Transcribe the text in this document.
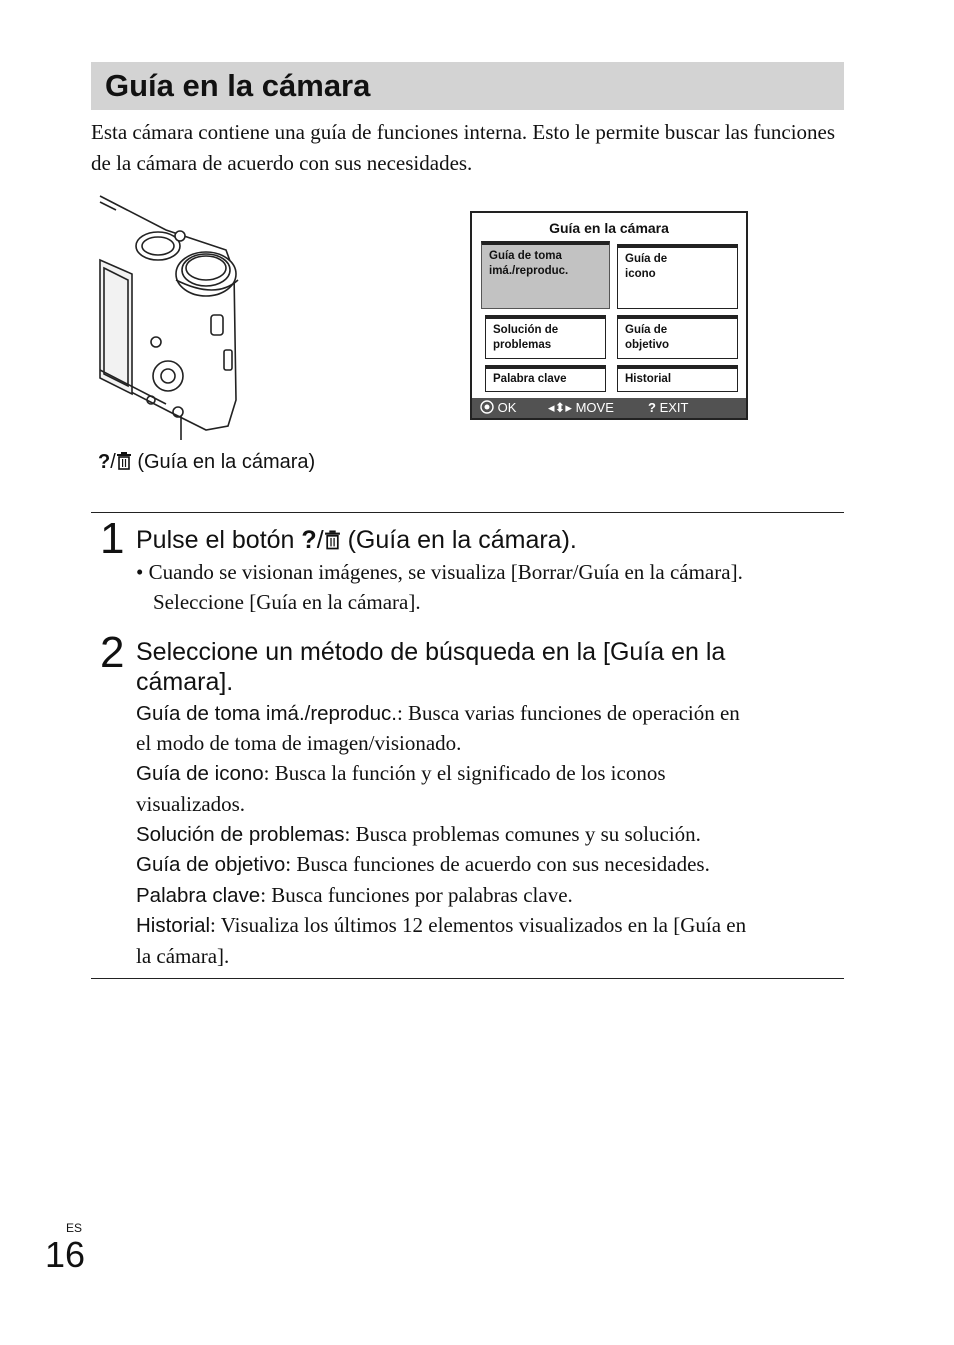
Guía en la cámara
Esta cámara contiene una guía de funciones interna. Esto le permite buscar las funciones de la cámara de acuerdo con sus necesidades.
?/ (Guía en la cámara)
Guía en la cámara
Guía de toma
imá./reproduc.
Guía de
icono
Solución de
problemas
Guía de
objetivo
Palabra clave	Historial
OK ◂⬍▸ MOVE	? EXIT
1 Pulse el botón ?/ (Guía en la cámara).
• Cuando se visionan imágenes, se visualiza [Borrar/Guía en la cámara].
Seleccione [Guía en la cámara].
2 Seleccione un método de búsqueda en la [Guía en la
cámara].
Guía de toma imá./reproduc.: Busca varias funciones de operación en
el modo de toma de imagen/visionado.
Guía de icono: Busca la función y el significado de los iconos
visualizados.
Solución de problemas: Busca problemas comunes y su solución.
Guía de objetivo: Busca funciones de acuerdo con sus necesidades.
Palabra clave: Busca funciones por palabras clave.
Historial: Visualiza los últimos 12 elementos visualizados en la [Guía en
la cámara].
ES
16
